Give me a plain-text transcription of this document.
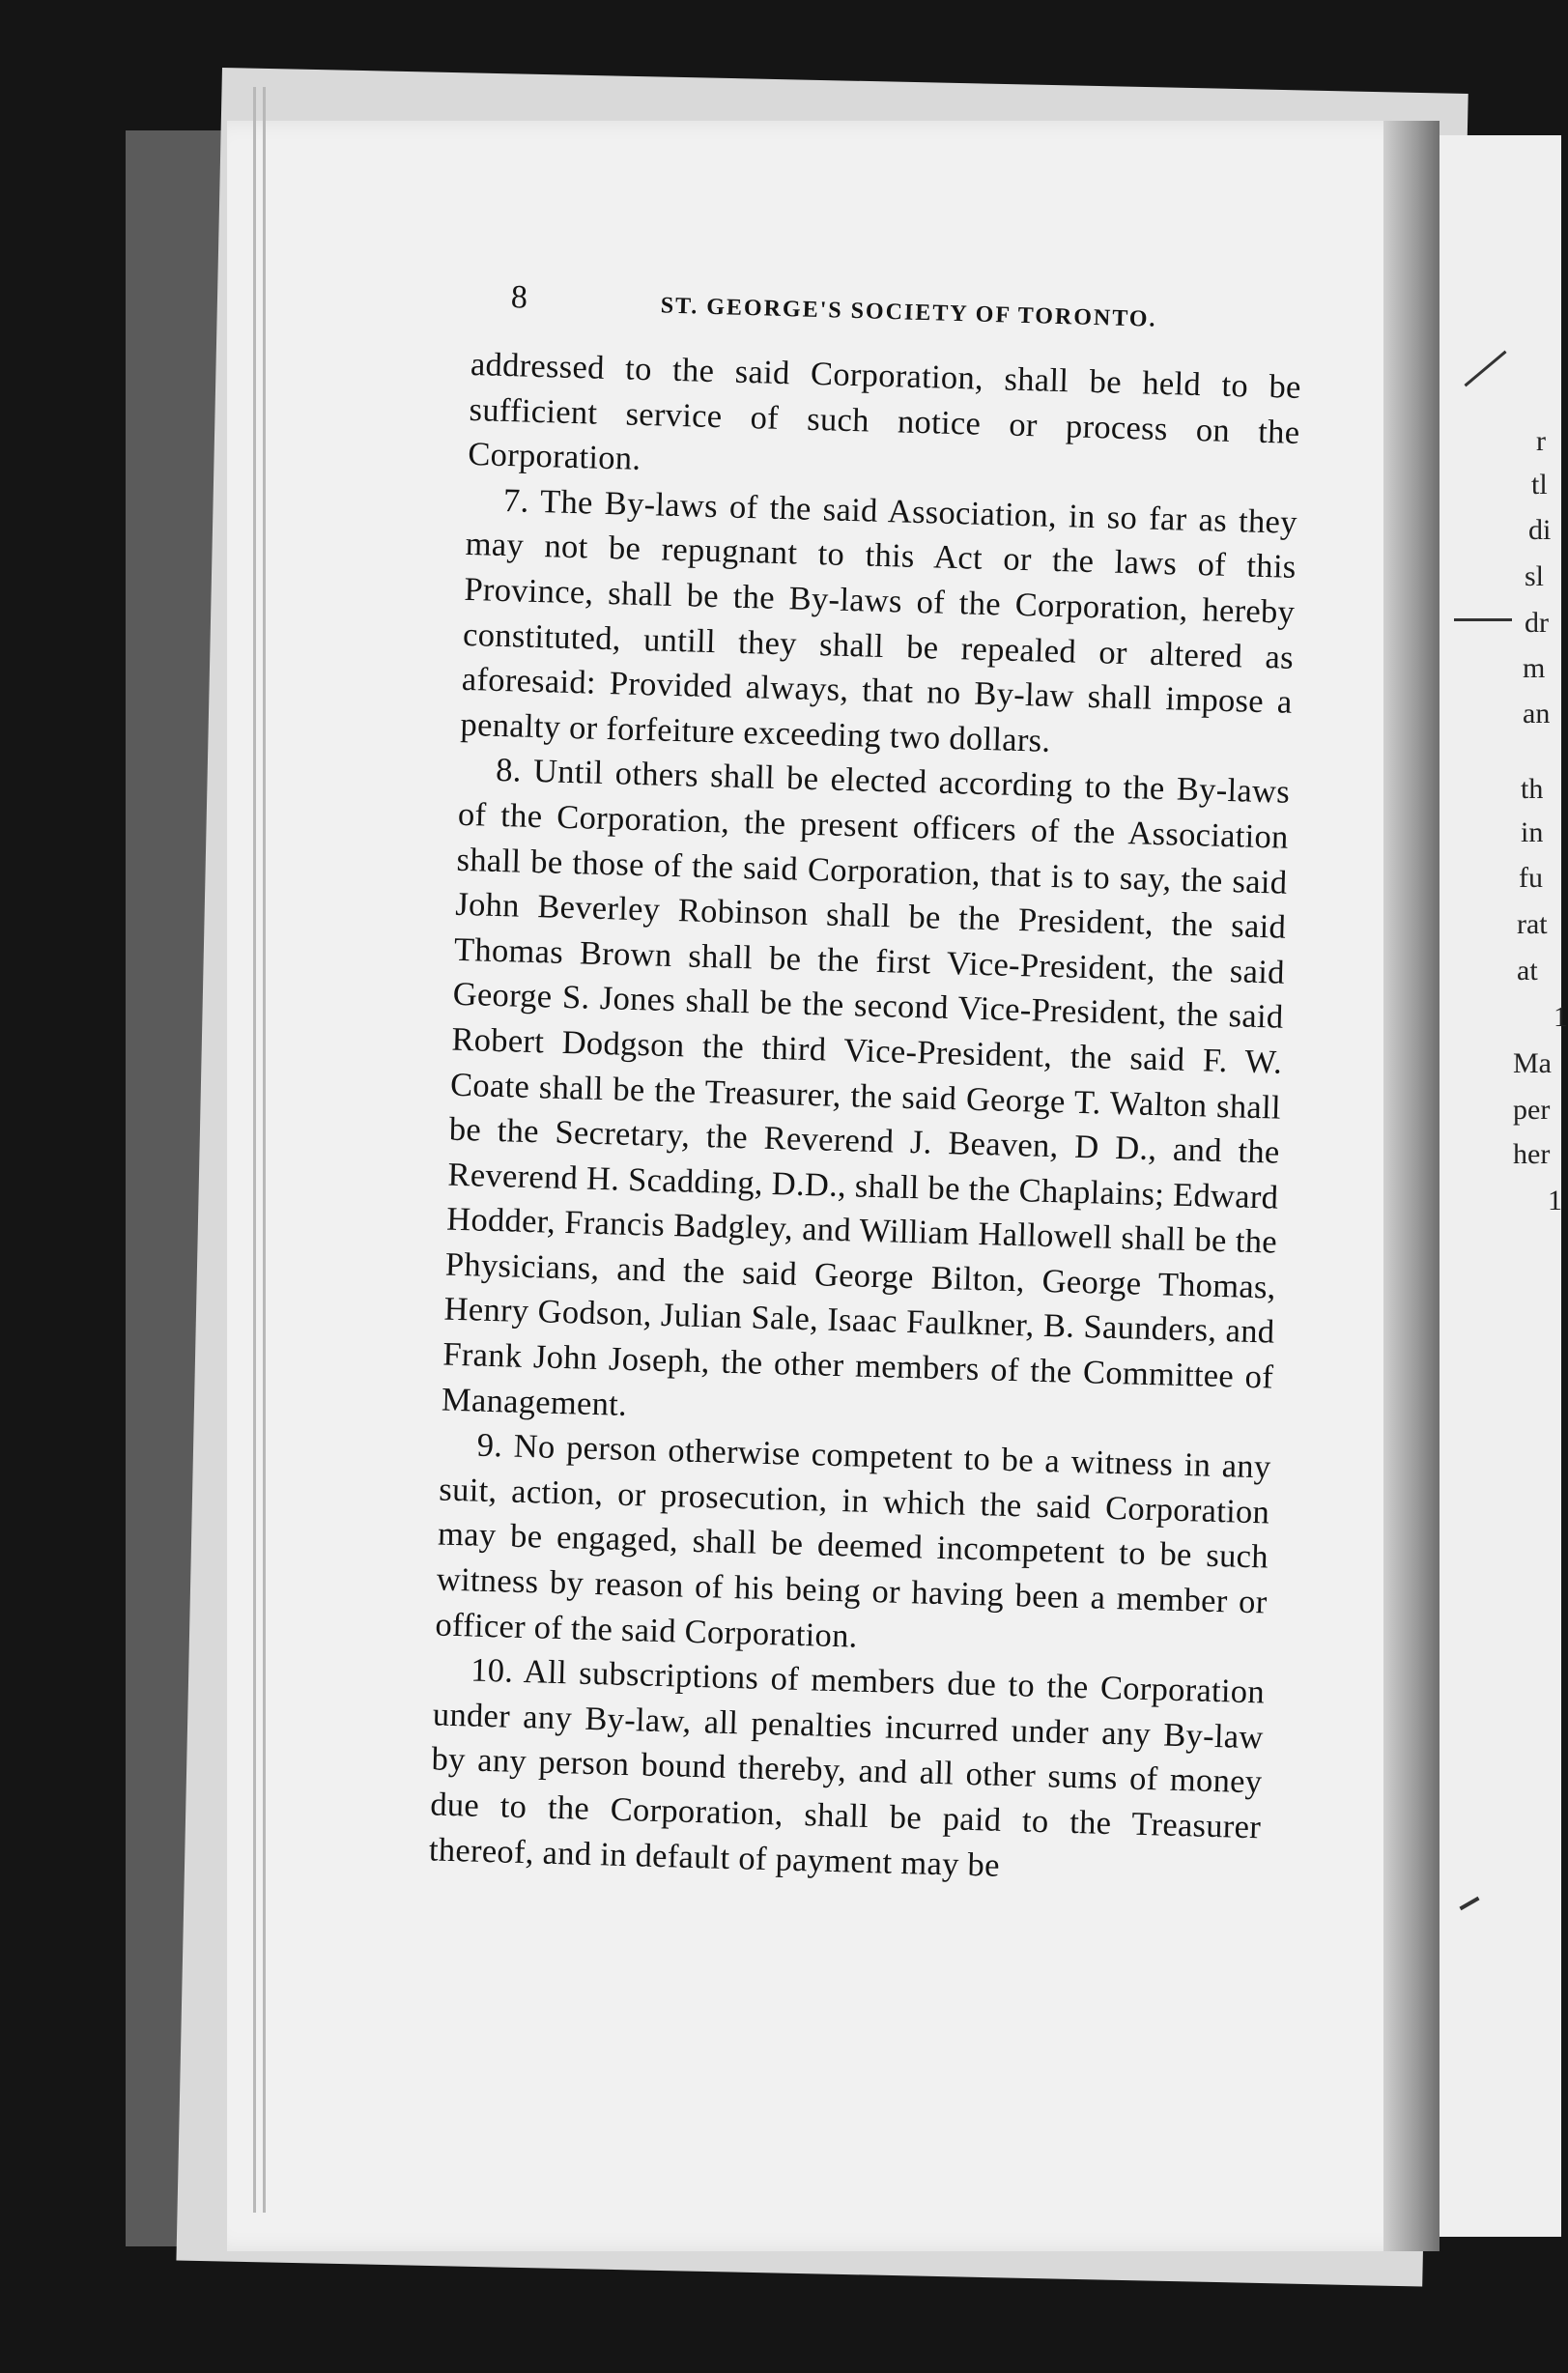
r
tl
di
sl
dr
m
an
th
in
fu
rat
at
1
Ma
per
her
1
8	ST. GEORGE'S SOCIETY OF TORONTO.

addressed to the said Corporation, shall be held to be sufficient service of such notice or process on the Corporation.

7. The By-laws of the said Association, in so far as they may not be repugnant to this Act or the laws of this Province, shall be the By-laws of the Corporation, hereby constituted, untill they shall be repealed or altered as aforesaid: Provided always, that no By-law shall impose a penalty or forfeiture exceeding two dollars.

8. Until others shall be elected according to the By-laws of the Corporation, the present officers of the Association shall be those of the said Corporation, that is to say, the said John Beverley Robinson shall be the President, the said Thomas Brown shall be the first Vice-President, the said George S. Jones shall be the second Vice-President, the said Robert Dodgson the third Vice-President, the said F. W. Coate shall be the Treasurer, the said George T. Walton shall be the Secretary, the Reverend J. Beaven, D D., and the Reverend H. Scadding, D.D., shall be the Chaplains; Edward Hodder, Francis Badgley, and William Hallowell shall be the Physicians, and the said George Bilton, George Thomas, Henry Godson, Julian Sale, Isaac Faulkner, B. Saunders, and Frank John Joseph, the other members of the Committee of Management.

9. No person otherwise competent to be a witness in any suit, action, or prosecution, in which the said Corporation may be engaged, shall be deemed incompetent to be such witness by reason of his being or having been a member or officer of the said Corporation.

10. All subscriptions of members due to the Corporation under any By-law, all penalties incurred under any By-law by any person bound thereby, and all other sums of money due to the Corporation, shall be paid to the Treasurer thereof, and in default of payment may be
